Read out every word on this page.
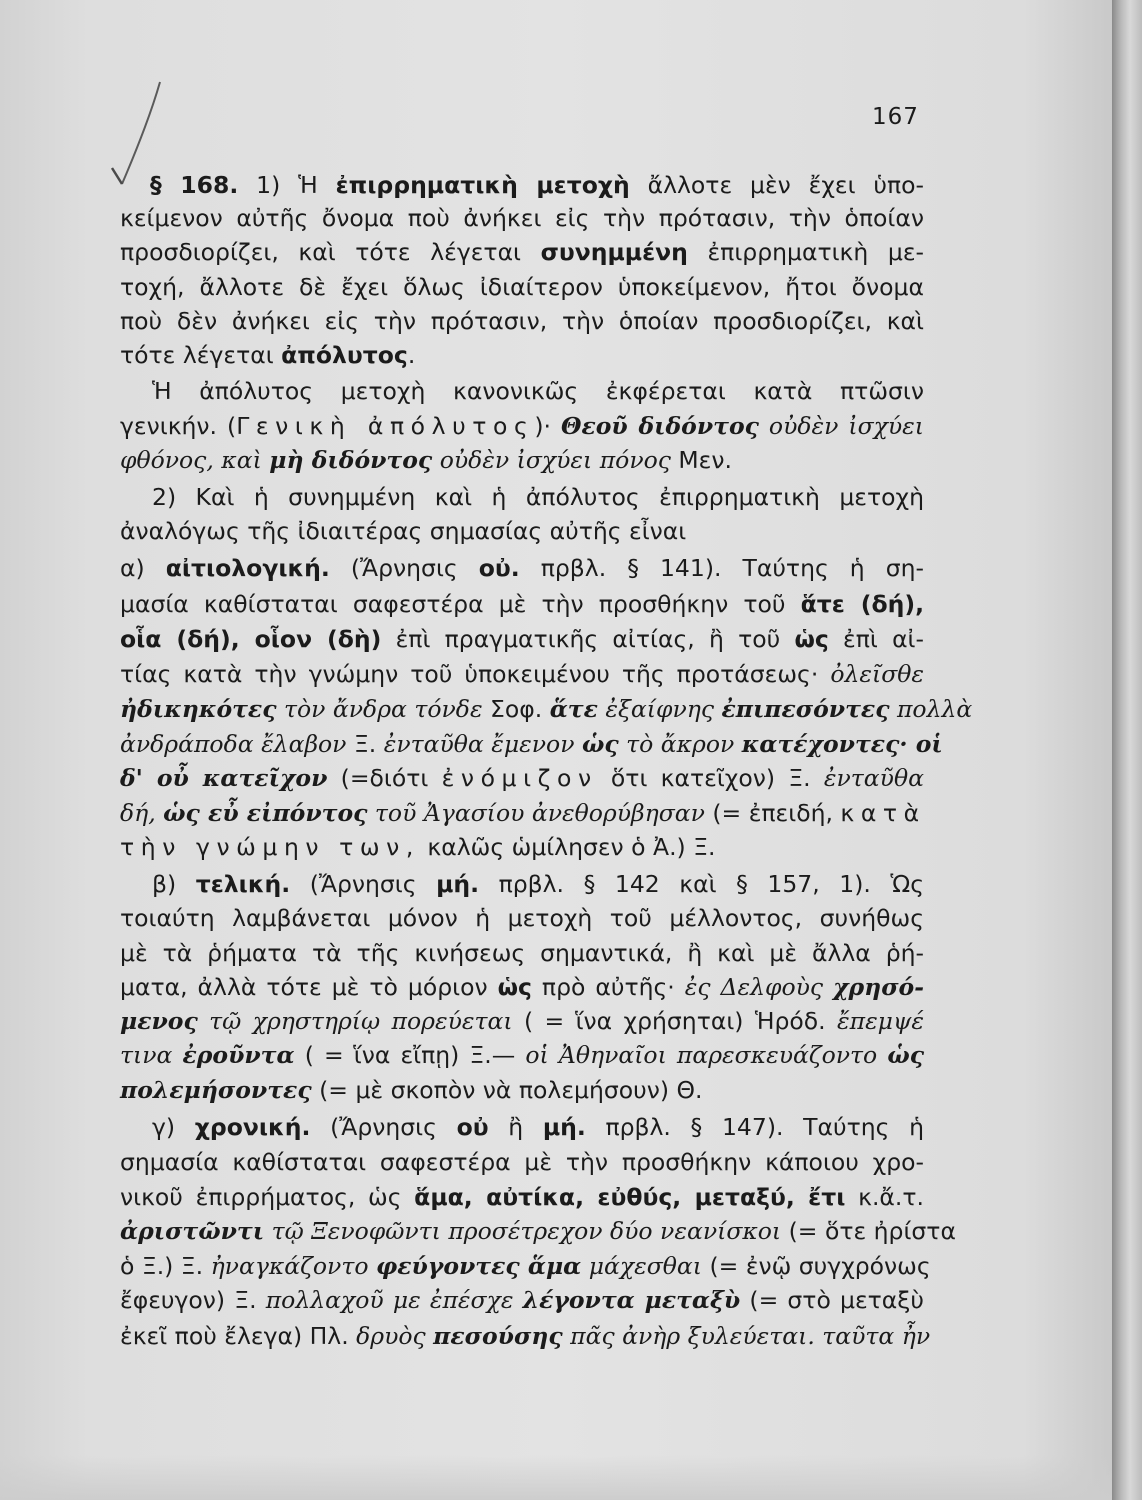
167
§ 168. 1) Ἡ ἐπιρρηματικὴ μετοχὴ ἄλλοτε μὲν ἔχει ὑπο-
κείμενον αὐτῆς ὄνομα ποὺ ἀνήκει εἰς τὴν πρότασιν, τὴν ὁποίαν
προσδιορίζει, καὶ τότε λέγεται συνημμένη ἐπιρρηματικὴ με-
τοχή, ἄλλοτε δὲ ἔχει ὅλως ἰδιαίτερον ὑποκείμενον, ἤτοι ὄνομα
ποὺ δὲν ἀνήκει εἰς τὴν πρότασιν, τὴν ὁποίαν προσδιορίζει, καὶ
τότε λέγεται ἀπόλυτος.
Ἡ ἀπόλυτος μετοχὴ κανονικῶς ἐκφέρεται κατὰ πτῶσιν
γενικήν. (Γενικὴ ἀπόλυτος)· Θεοῦ διδόντος οὐδὲν ἰσχύει
φθόνος, καὶ μὴ διδόντος οὐδὲν ἰσχύει πόνος Μεν.
2) Καὶ ἡ συνημμένη καὶ ἡ ἀπόλυτος ἐπιρρηματικὴ μετοχὴ
ἀναλόγως τῆς ἰδιαιτέρας σημασίας αὐτῆς εἶναι
α) αἰτιολογική. (Ἄρνησις οὐ. πρβλ. § 141). Ταύτης ἡ ση-
μασία καθίσταται σαφεστέρα μὲ τὴν προσθήκην τοῦ ἅτε (δή),
οἷα (δή), οἷον (δὴ) ἐπὶ πραγματικῆς αἰτίας, ἢ τοῦ ὡς ἐπὶ αἰ-
τίας κατὰ τὴν γνώμην τοῦ ὑποκειμένου τῆς προτάσεως· ὀλεῖσθε
ἠδικηκότες τὸν ἄνδρα τόνδε Σοφ. ἅτε ἐξαίφνης ἐπιπεσόντες πολλὰ
ἀνδράποδα ἔλαβον Ξ. ἐνταῦθα ἔμενον ὡς τὸ ἄκρον κατέχοντες· οἱ
δ' οὖ κατεῖχον (=διότι ἐνόμιζον ὅτι κατεῖχον) Ξ. ἐνταῦθα
δή, ὡς εὖ εἰπόντος τοῦ Ἀγασίου ἀνεθορύβησαν (= ἐπειδή, κατὰ
τὴν γνώμην των, καλῶς ὡμίλησεν ὁ Ἀ.) Ξ.
β) τελική. (Ἄρνησις μή. πρβλ. § 142 καὶ § 157, 1). Ὡς
τοιαύτη λαμβάνεται μόνον ἡ μετοχὴ τοῦ μέλλοντος, συνήθως
μὲ τὰ ῥήματα τὰ τῆς κινήσεως σημαντικά, ἢ καὶ μὲ ἄλλα ῥή-
ματα, ἀλλὰ τότε μὲ τὸ μόριον ὡς πρὸ αὐτῆς· ἐς Δελφοὺς χρησό-
μενος τῷ χρηστηρίῳ πορεύεται ( = ἵνα χρήσηται) Ἡρόδ. ἔπεμψέ
τινα ἐροῦντα ( = ἵνα εἴπῃ) Ξ.— οἱ Ἀθηναῖοι παρεσκευάζοντο ὡς
πολεμήσοντες (= μὲ σκοπὸν νὰ πολεμήσουν) Θ.
γ) χρονική. (Ἄρνησις οὐ ἢ μή. πρβλ. § 147). Ταύτης ἡ
σημασία καθίσταται σαφεστέρα μὲ τὴν προσθήκην κάποιου χρο-
νικοῦ ἐπιρρήματος, ὡς ἅμα, αὐτίκα, εὐθύς, μεταξύ, ἔτι κ.ἄ.τ.
ἀριστῶντι τῷ Ξενοφῶντι προσέτρεχον δύο νεανίσκοι (= ὅτε ἠρίστα
ὁ Ξ.) Ξ. ἠναγκάζοντο φεύγοντες ἅμα μάχεσθαι (= ἐνῷ συγχρόνως
ἔφευγον) Ξ. πολλαχοῦ με ἐπέσχε λέγοντα μεταξὺ (= στὸ μεταξὺ
ἐκεῖ ποὺ ἔλεγα) Πλ. δρυὸς πεσούσης πᾶς ἀνὴρ ξυλεύεται. ταῦτα ἦν
